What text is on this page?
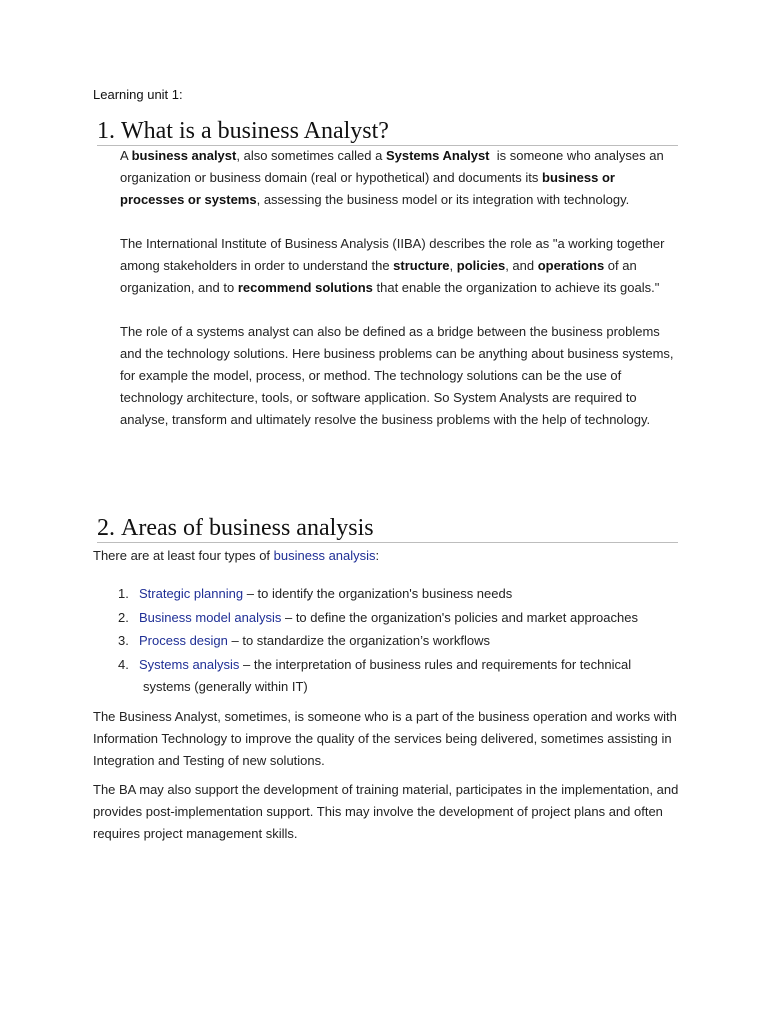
Learning unit 1:
1. What is a business Analyst?

A business analyst, also sometimes called a Systems Analyst  is someone who analyses an organization or business domain (real or hypothetical) and documents its business or processes or systems, assessing the business model or its integration with technology.

The International Institute of Business Analysis (IIBA) describes the role as "a working together among stakeholders in order to understand the structure, policies, and operations of an organization, and to recommend solutions that enable the organization to achieve its goals."

The role of a systems analyst can also be defined as a bridge between the business problems and the technology solutions. Here business problems can be anything about business systems, for example the model, process, or method. The technology solutions can be the use of technology architecture, tools, or software application. So System Analysts are required to analyse, transform and ultimately resolve the business problems with the help of technology.

2. Areas of business analysis
There are at least four types of business analysis:
1. Strategic planning – to identify the organization's business needs
2. Business model analysis – to define the organization's policies and market approaches
3. Process design – to standardize the organization’s workflows
4. Systems analysis – the interpretation of business rules and requirements for technical
systems (generally within IT)

The Business Analyst, sometimes, is someone who is a part of the business operation and works with Information Technology to improve the quality of the services being delivered, sometimes assisting in Integration and Testing of new solutions.

The BA may also support the development of training material, participates in the implementation, and provides post-implementation support. This may involve the development of project plans and often requires project management skills.
